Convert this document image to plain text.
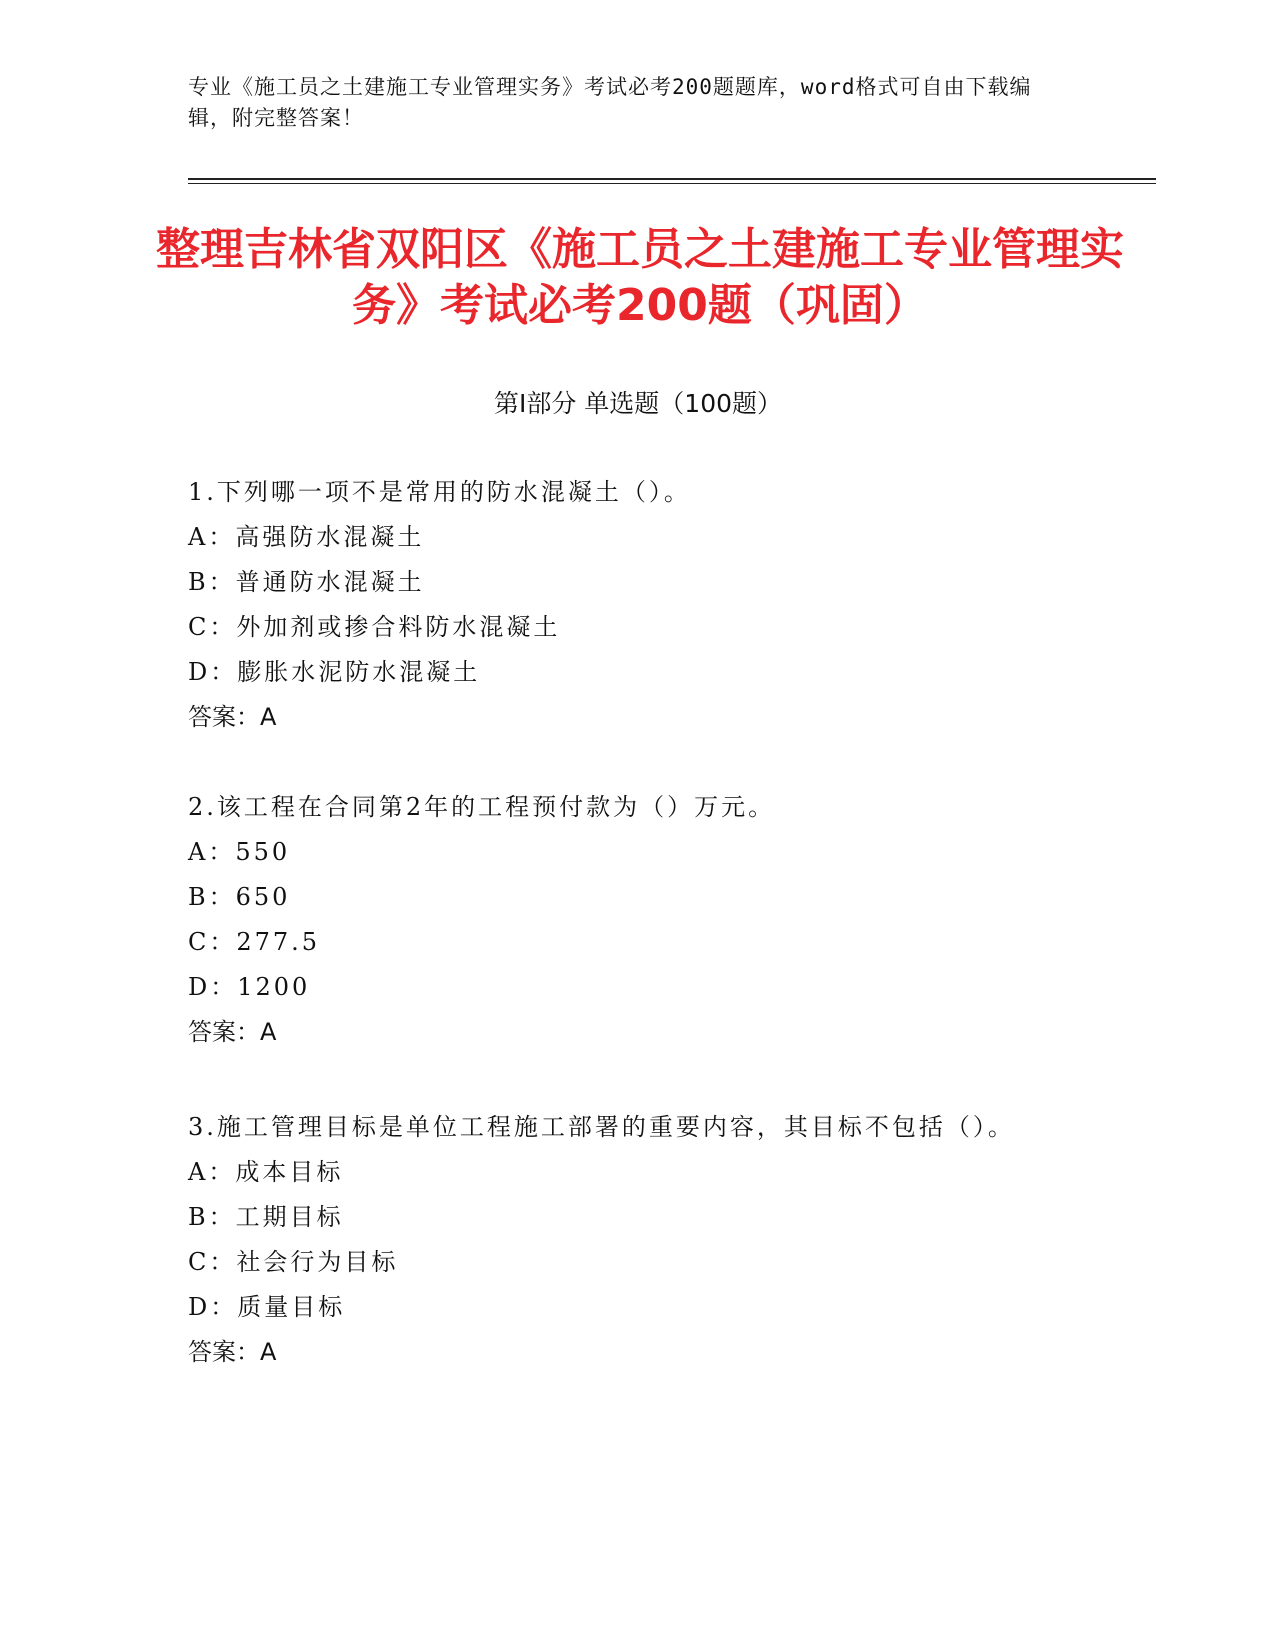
专业《施工员之土建施工专业管理实务》考试必考200题题库，word格式可自由下载编辑，附完整答案！
整理吉林省双阳区《施工员之土建施工专业管理实务》考试必考200题（巩固）
第I部分 单选题（100题）

1.下列哪一项不是常用的防水混凝土（）。

A：高强防水混凝土

B：普通防水混凝土

C：外加剂或掺合料防水混凝土

D：膨胀水泥防水混凝土

答案：A

2.该工程在合同第2年的工程预付款为（）万元。

A：550

B：650

C：277.5

D：1200

答案：A

3.施工管理目标是单位工程施工部署的重要内容，其目标不包括（）。

A：成本目标

B：工期目标

C：社会行为目标

D：质量目标

答案：A
